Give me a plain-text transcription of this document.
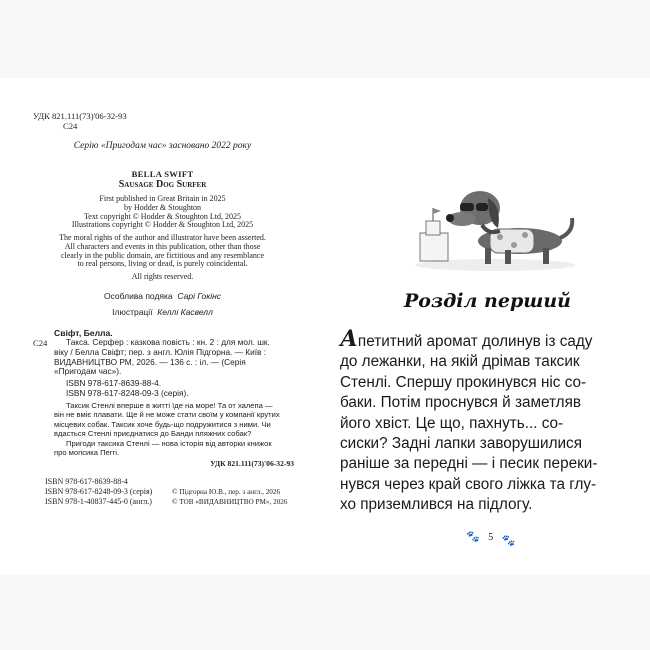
УДК 821.111(73)'06-32-93
С24
Серію «Пригодам час» засновано 2022 року
BELLA SWIFT
Sausage Dog Surfer

First published in Great Britain in 2025

by Hodder & Stoughton

Text copyright © Hodder & Stoughton Ltd, 2025

Illustrations copyright © Hodder & Stoughton Ltd, 2025

The moral rights of the author and illustrator have been asserted.

All characters and events in this publication, other than those

clearly in the public domain, are fictitious and any resemblance

to real persons, living or dead, is purely coincidental.

All rights reserved.

Особлива подяка Сарі Гокінс
Ілюстрації Келлі Касвелл
Свіфт, Белла.
С24	Такса. Серфер : казкова повість : кн. 2 : для мол. шк.

віку / Белла Свіфт; пер. з англ. Юлія Підгорна. — Київ :

ВИДАВНИЦТВО РМ, 2026. — 136 с. : іл. — (Серія

«Пригодам час»).

ISBN 978-617-8639-88-4.

ISBN 978-617-8248-09-3 (серія).

Таксик Стенлі вперше в житті їде на море! Та от халепа —

він не вміє плавати. Ще й не може стати своїм у компанії крутих

місцевих собак. Таксик хоче будь-що подружитися з ними. Чи

вдасться Стенлі приєднатися до Банди пляжних собак?

Пригоди таксика Стенлі — нова історія від авторки книжок

про мопсика Пеггі.

УДК 821.111(73)'06-32-93

ISBN 978-617-8639-88-4

ISBN 978-617-8248-09-3 (серія)

ISBN 978-1-40837-445-0 (англ.)

© Підгорна Ю.В., пер. з англ., 2026

© ТОВ «ВИДАВНИЦТВО РМ», 2026

Розділ перший

Апетитний аромат долинув із саду

до лежанки, на якій дрімав таксик

Стенлі. Спершу прокинувся ніс со-

баки. Потім проснувся й заметляв

його хвіст. Це що, пахнуть... со-

сиски? Задні лапки заворушилися

раніше за передні — і песик переки-

нувся через край свого ліжка та глу-

хо приземлився на підлогу.

🐾 5 🐾
